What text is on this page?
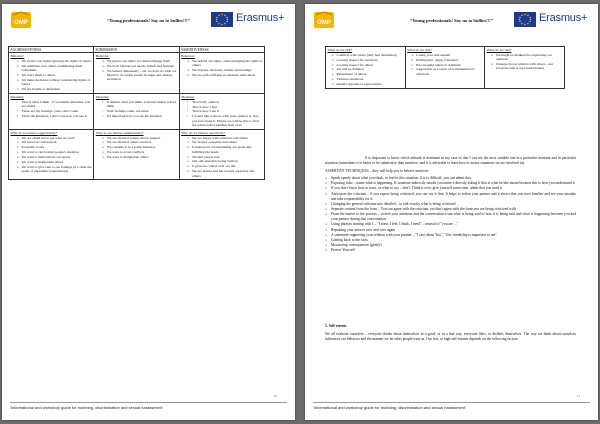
OMP	“Young professionals! Say no to bullies!!!”	Erasmus+
AGGRESSIVENESS	SUBMISSION	ASSERTIVENESS
Behavior:
➢ We protect our rights ignoring the rights of others
➢ We dominate over others, humiliating them sometimes
➢ We don't listen to others
➢ We make decisions without considering rights of others
➢ We are hostile or defendant
Behavior:
➢ We ignore our rights, let others infringe them
➢ We don't express our needs, beliefs and feelings
➢ We behave dishonestly - our we don't do what we intend to do which results in anger and anxiety escalation
Behavior:
➢ We defend our rights, acknowledging the rights of others
➢ We express our needs, beliefs and feelings
➢ We are self-confident in relations with others
Meaning:
• That is what I think – if you think otherwise, you are stupid
• These are my feelings, yours don't count
• That's the situation, I don't care how you see it.
Meaning:
• It matters what you think, it doesn't matter what I think
• Your feelings count, not mine
• It's important how you see the situation
Meaning:
• That is my opinion
• That is how I feel
• That is how I see it
• I would like to know what your opinion is, how you feel about it. Maybe we will be able to find the solution that satisfies both of us
Why do we behave aggressively?
➢ We are afraid not to get what we want
➢ We have low self-esteem
➢ It usually works
➢ We want to catch other people's attention
➢ We want to demonstrate our power
➢ We want to manipulate others
➢ We want to give vent to our feelings (it's often the result of unrealistic expectations)
Why do we behave submissively?
➢ We are afraid of losing others' support
➢ We are afraid of others reaction
➢ We consider it as a polite behavior
➢ We want to avoid conflicts
➢ We want to manipulate others
Why do we behave assertively?
➢ We are happy with ourselves and others
➢ We respect ourselves and others
➢ It helps us in accomplishing our goals and fulfilling the needs
➢ We hurt people less
➢ Our self-esteem is being built up
➢ It gives us control over our life
➢ We are honest and fair toward ourselves and others
10
'Informational and workshop guide for mobbing, discrimination and sexual harassment'
OMP	“Young professionals! Say no to bullies!!!”	Erasmus+
What do we risk?
➢ Conflicts with others (they feel threatened)
➢ Loosing respect for ourselves
➢ Loosing respect for others
➢ We will be disliked
➢ Resentment of others
➢ Violence situations
➢ Results opposite to expectations
What do we risk?
➢ Losing your self-esteem
➢ Feeling hurt, angry, frustrated
➢ Encouraging others to dominate
➢ Aggression as a result of accumulation of emotions
What do we risk?
➢ We might be disliked for expressing our opinions
➢ Changes in our relation with others – not everyone will accept assertiveness

It is important to know which attitude is dominant in my case so that I can see the most suitable one in a particular moment and in particular situation (sometimes it is better to be submissive than assertive, and it is advisable to learn how to assess situations we are involved in).

ASSERTIVE TECHNIQUES – they will help you to behave assertive:

➢ Speak openly about what you think, or feel in this situation. If it is difficult, you can admit that
➢ Exposing false – name what is happening. If someone indirectly insults you name it directly asking if that is what he/she meant because this is how you understand it
➢ If you don't know how to react, or what to say – don't. Think it over, give yourself some time, admit that you need it
➢ Anticipate the criticism – if you expect being criticized, you can say it first. It helps to soften your partner and it shows that you trust him/her and see your mistake and take responsibility for it
➢ Changing the general criticism into detailed – to talk exactly what is being criticized
➢ Separate content from the form – You can agree with the criticism, yet don't agree with the form you are being criticized with
➢ From the matter to the process – switch your attention and the conversation from what is being said to how it is being said and what is happening between you and your partner during that conversation
➢ Using phrases starting with I – "I want, I feel, I think, I need" – instead of "you are ..."
➢ Repeating your answer over and over again
➢ A statement supporting your relation with your partner – "I care about You", "Our friendship is important to me"
➢ Coming back to the facts
➢ Monitoring consequences (gently)
➢ Protect Yourself
5. Self-esteem

We all evaluate ourselves – everyone thinks about themselves in a good, or in a bad way, everyone likes, or dislikes themselves. The way we think about ourselves influences our behavior and the manner we let other people treat us. Our low, or high self-esteem depends on the following factors:

11
'Informational and workshop guide for mobbing, discrimination and sexual harassment'
